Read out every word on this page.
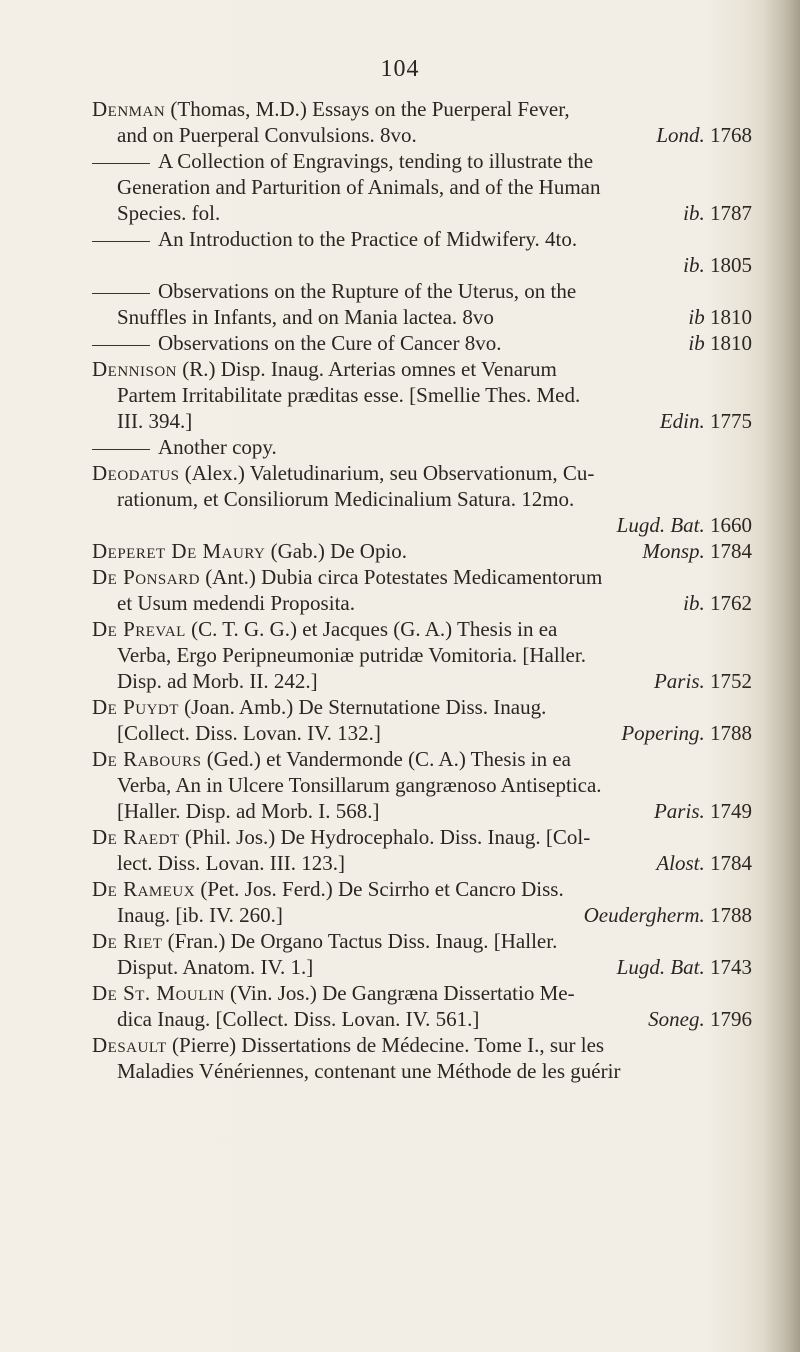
104
Denman (Thomas, M.D.) Essays on the Puerperal Fever,
and on Puerperal Convulsions. 8vo.	Lond. 1768
A Collection of Engravings, tending to illustrate the
Generation and Parturition of Animals, and of the Human
Species. fol.	ib. 1787
An Introduction to the Practice of Midwifery. 4to.
ib. 1805
Observations on the Rupture of the Uterus, on the
Snuffles in Infants, and on Mania lactea. 8vo	ib 1810
Observations on the Cure of Cancer 8vo.	ib 1810
Dennison (R.) Disp. Inaug. Arterias omnes et Venarum
Partem Irritabilitate præditas esse. [Smellie Thes. Med.
III. 394.]	Edin. 1775
Another copy.
Deodatus (Alex.) Valetudinarium, seu Observationum, Cu-
rationum, et Consiliorum Medicinalium Satura. 12mo.
Lugd. Bat. 1660
Deperet De Maury (Gab.) De Opio.	Monsp. 1784
De Ponsard (Ant.) Dubia circa Potestates Medicamentorum
et Usum medendi Proposita.	ib. 1762
De Preval (C. T. G. G.) et Jacques (G. A.) Thesis in ea
Verba, Ergo Peripneumoniæ putridæ Vomitoria. [Haller.
Disp. ad Morb. II. 242.]	Paris. 1752
De Puydt (Joan. Amb.) De Sternutatione Diss. Inaug.
[Collect. Diss. Lovan. IV. 132.]	Popering. 1788
De Rabours (Ged.) et Vandermonde (C. A.) Thesis in ea
Verba, An in Ulcere Tonsillarum gangrænoso Antiseptica.
[Haller. Disp. ad Morb. I. 568.]	Paris. 1749
De Raedt (Phil. Jos.) De Hydrocephalo. Diss. Inaug. [Col-
lect. Diss. Lovan. III. 123.]	Alost. 1784
De Rameux (Pet. Jos. Ferd.) De Scirrho et Cancro Diss.
Inaug. [ib. IV. 260.]	Oeudergherm. 1788
De Riet (Fran.) De Organo Tactus Diss. Inaug. [Haller.
Disput. Anatom. IV. 1.]	Lugd. Bat. 1743
De St. Moulin (Vin. Jos.) De Gangræna Dissertatio Me-
dica Inaug. [Collect. Diss. Lovan. IV. 561.]	Soneg. 1796
Desault (Pierre) Dissertations de Médecine. Tome I., sur les
Maladies Vénériennes, contenant une Méthode de les guérir
